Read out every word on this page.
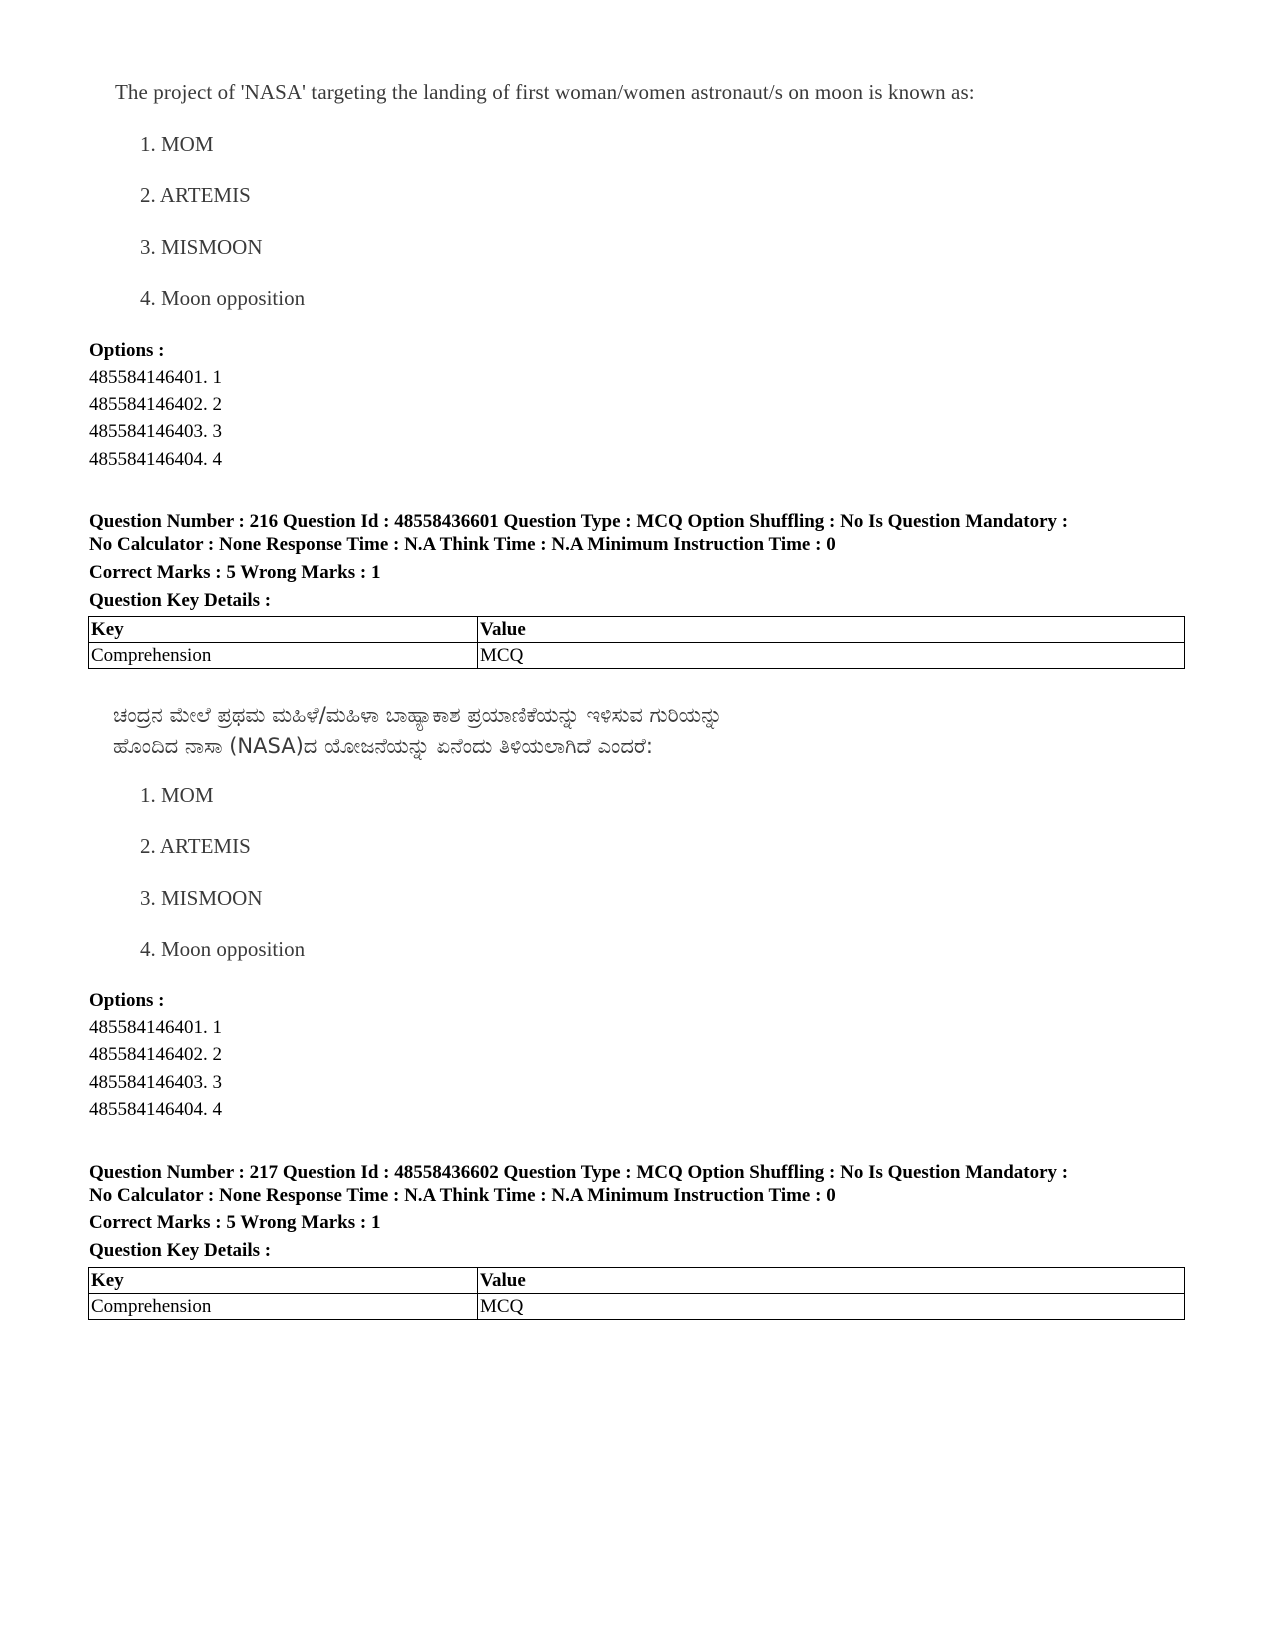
The project of 'NASA' targeting the landing of first woman/women astronaut/s on moon is known as:
1. MOM
2. ARTEMIS
3. MISMOON
4. Moon opposition
Options :
485584146401. 1
485584146402. 2
485584146403. 3
485584146404. 4
Question Number : 216 Question Id : 48558436601 Question Type : MCQ Option Shuffling : No Is Question Mandatory :
No Calculator : None Response Time : N.A Think Time : N.A Minimum Instruction Time : 0
Correct Marks : 5 Wrong Marks : 1
Question Key Details :
Key	Value
Comprehension	MCQ
ಚಂದ್ರನ ಮೇಲೆ ಪ್ರಥಮ ಮಹಿಳೆ/ಮಹಿಳಾ ಬಾಹ್ಯಾಕಾಶ ಪ್ರಯಾಣಿಕೆಯನ್ನು ಇಳಿಸುವ ಗುರಿಯನ್ನು
ಹೊಂದಿದ ನಾಸಾ (NASA)ದ ಯೋಜನೆಯನ್ನು ಏನೆಂದು ತಿಳಿಯಲಾಗಿದೆ ಎಂದರೆ:
1. MOM
2. ARTEMIS
3. MISMOON
4. Moon opposition
Options :
485584146401. 1
485584146402. 2
485584146403. 3
485584146404. 4
Question Number : 217 Question Id : 48558436602 Question Type : MCQ Option Shuffling : No Is Question Mandatory :
No Calculator : None Response Time : N.A Think Time : N.A Minimum Instruction Time : 0
Correct Marks : 5 Wrong Marks : 1
Question Key Details :
Key	Value
Comprehension	MCQ
